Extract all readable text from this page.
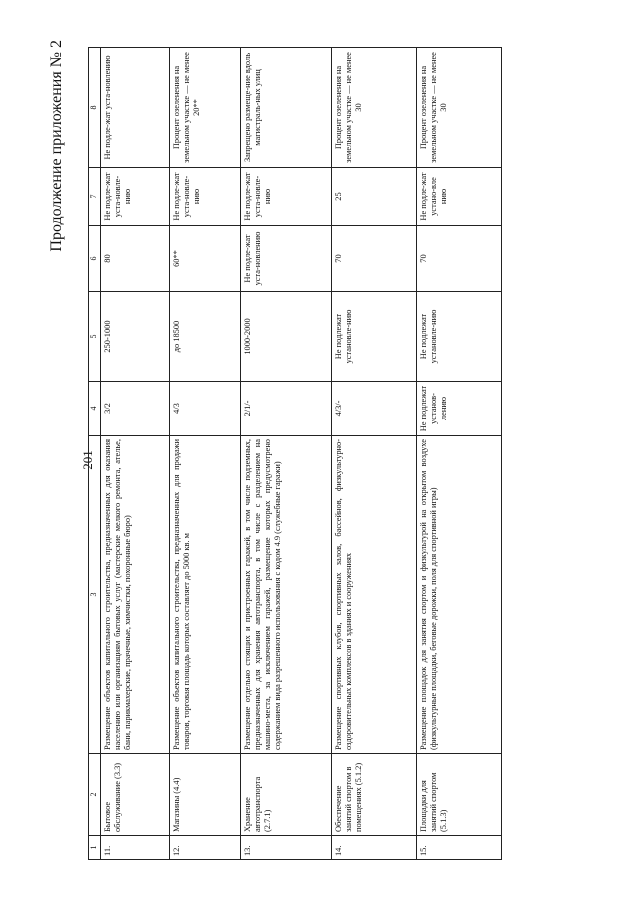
201
Продолжение приложения № 2
1	2	3	4	5	6	7	8
11.	Бытовое обслуживание (3.3)	Размещение объектов капитального строительства, предназначенных для оказания населению или организациям бытовых услуг (мастерские мелкого ремонта, ателье, бани, парикмахерские, прачечные, химчистки, похоронные бюро)	3/2	250-1000	80	Не подле-жат уста-новле-нию	Не подле-жат уста-новлению
12.	Магазины (4.4)	Размещение объектов капитального строительства, предназначенных для продажи товаров, торговая площадь которых составляет до 5000 кв. м	4/3	до 18500	60**	Не подле-жат уста-новле-нию	Процент озеленения на земельном участке — не менее 20**
13.	Хранение автотранспорта (2.7.1)	Размещение отдельно стоящих и пристроенных гаражей, в том числе подземных, предназначенных для хранения автотранспорта, в том числе с разделением на машино-места, за исключением гаражей, размещение которых предусмотрено содержанием вида разрешенного использования с кодом 4.9 (служебные гаражи)	2/1/-	1000-2000	Не подле-жат уста-новлению	Не подле-жат уста-новле-нию	Запрещено размеще-ние вдоль магистраль-ных улиц
14.	Обеспечение занятий спортом в помещениях (5.1.2)	Размещение спортивных клубов, спортивных залов, бассейнов, физкультурно-оздоровительных комплексов в зданиях и сооружениях	4/3/-	Не подлежат установле-нию	70	25	Процент озеленения на земельном участке — не менее 30
15.	Площадки для занятий спортом (5.1.3)	Размещение площадок для занятия спортом и физкультурой на открытом воздухе (физкультурные площадки, беговые дорожки, поля для спортивной игры)	Не подлежат установ-лению	Не подлежат установле-нию	70	Не подле-жат устано-вле нию	Процент озеленения на земельном участке — не менее 30
